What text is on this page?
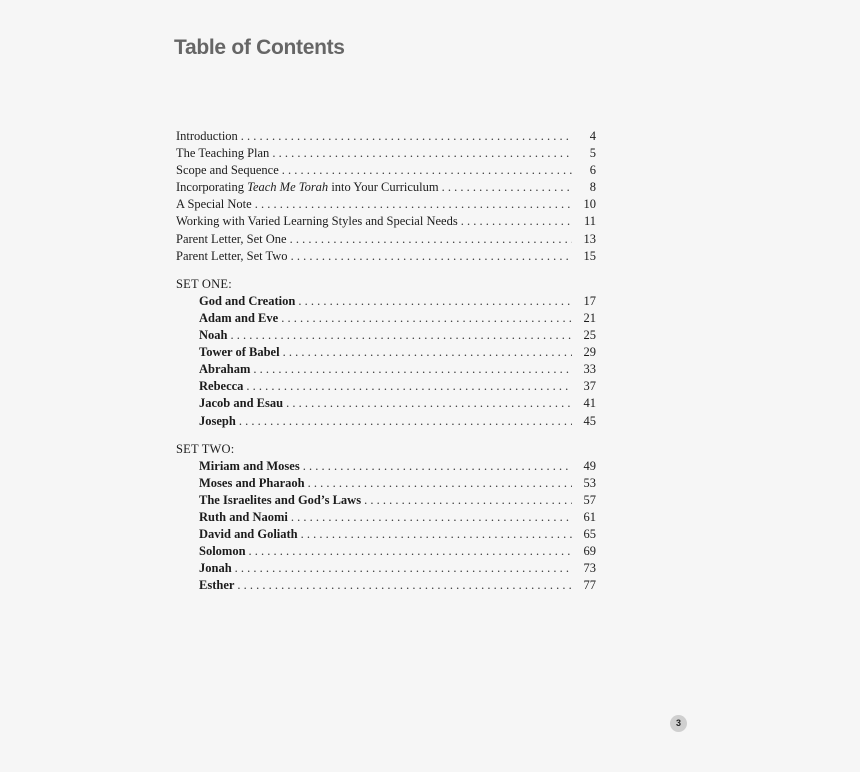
Table of Contents
Introduction . . .	4
The Teaching Plan . . .	5
Scope and Sequence . . .	6
Incorporating Teach Me Torah into Your Curriculum . . .	8
A Special Note . . .	10
Working with Varied Learning Styles and Special Needs . . .	11
Parent Letter, Set One . . .	13
Parent Letter, Set Two . . .	15
SET ONE:
God and Creation . . .	17
Adam and Eve . . .	21
Noah . . .	25
Tower of Babel . . .	29
Abraham . . .	33
Rebecca . . .	37
Jacob and Esau . . .	41
Joseph . . .	45
SET TWO:
Miriam and Moses . . .	49
Moses and Pharaoh . . .	53
The Israelites and God’s Laws . . .	57
Ruth and Naomi . . .	61
David and Goliath . . .	65
Solomon . . .	69
Jonah . . .	73
Esther . . .	77
3
